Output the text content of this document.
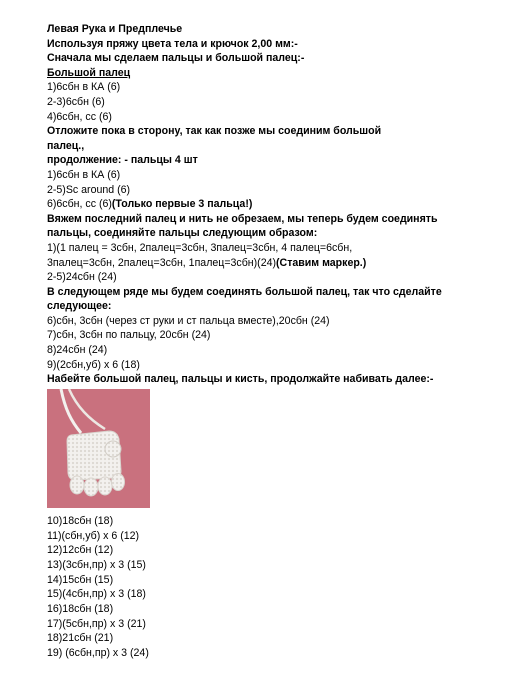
Левая Рука и Предплечье
Используя пряжу цвета тела и крючок 2,00 мм:-
Сначала мы сделаем пальцы и большой палец:-
Большой палец
1)6сбн в КА (6)
2-3)6сбн (6)
4)6сбн, сс (6)
Отложите пока в сторону, так как позже мы соединим большой
палец.,
продолжение: - пальцы 4 шт
1)6сбн в КА (6)
2-5)Sc around (6)
6)6сбн, сс (6)(Только первые 3 пальца!)
Вяжем последний палец и нить не обрезаем, мы теперь будем соединять
пальцы, соединяйте пальцы следующим образом:
1)(1 палец = 3сбн, 2палец=3сбн, 3палец=3сбн, 4 палец=6сбн,
3палец=3сбн, 2палец=3сбн, 1палец=3сбн)(24)(Ставим маркер.)
2-5)24сбн (24)
В следующем ряде мы будем соединять большой палец, так что сделайте
следующее:
6)сбн, 3сбн (через ст руки и ст пальца вместе),20сбн (24)
7)сбн, 3сбн по пальцу, 20сбн (24)
8)24сбн (24)
9)(2сбн,уб) х 6 (18)
Набейте большой палец, пальцы и кисть, продолжайте набивать далее:-
10)18сбн (18)
11)(сбн,уб) х 6 (12)
12)12сбн (12)
13)(3сбн,пр) х 3 (15)
14)15сбн (15)
15)(4сбн,пр) х 3 (18)
16)18сбн (18)
17)(5сбн,пр) х 3 (21)
18)21сбн (21)
19) (6сбн,пр) х 3 (24)
